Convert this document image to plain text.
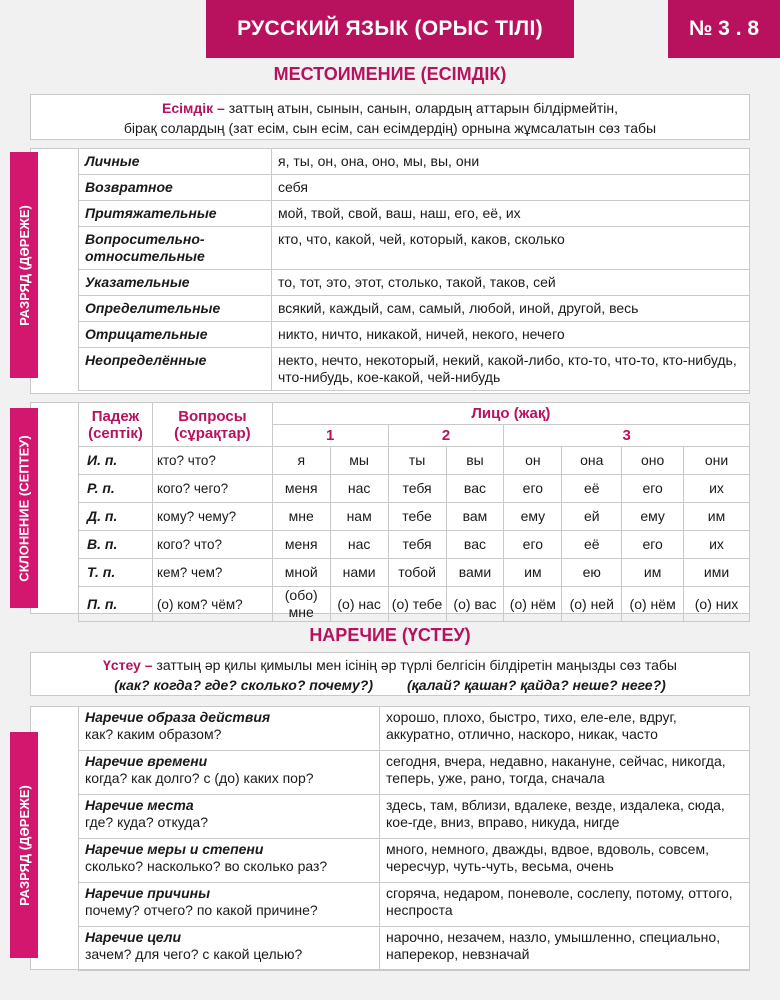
РУССКИЙ ЯЗЫК (ОРЫС ТІЛІ)	№ 3 . 8
МЕСТОИМЕНИЕ (ЕСІМДІК)
Есімдік – заттың атын, сынын, санын, олардың аттарын білдірмейтін,
бірақ солардың (зат есім, сын есім, сан есімдердің) орнына жұмсалатын сөз табы
РАЗРЯД (ДӘРЕЖЕ)
Личные	я, ты, он, она, оно, мы, вы, они
Возвратное	себя
Притяжательные	мой, твой, свой, ваш, наш, его, её, их
Вопросительно-относительные	кто, что, какой, чей, который, каков, сколько
Указательные	то, тот, это, этот, столько, такой, таков, сей
Определительные	всякий, каждый, сам, самый, любой, иной, другой, весь
Отрицательные	никто, ничто, никакой, ничей, некого, нечего
Неопределённые	некто, нечто, некоторый, некий, какой-либо, кто-то, что-то, кто-нибудь, что-нибудь, кое-какой, чей-нибудь
СКЛОНЕНИЕ (СЕПТЕУ)
Падеж (септік)	Вопросы (сұрақтар)	Лицо (жақ)							
		1		2		3			
И. п.	кто? что?	я	мы	ты	вы	он	она	оно	они
Р. п.	кого? чего?	меня	нас	тебя	вас	его	её	его	их
Д. п.	кому? чему?	мне	нам	тебе	вам	ему	ей	ему	им
В. п.	кого? что?	меня	нас	тебя	вас	его	её	его	их
Т. п.	кем? чем?	мной	нами	тобой	вами	им	ею	им	ими
П. п.	(о) ком? чём?	(обо) мне	(о) нас	(о) тебе	(о) вас	(о) нём	(о) ней	(о) нём	(о) них
НАРЕЧИЕ (ҮСТЕУ)
Үстеу – заттың әр қилы қимылы мен ісінің әр түрлі белгісін білдіретін маңызды сөз табы
(как? когда? где? сколько? почему?) (қалай? қашан? қайда? неше? неге?)
РАЗРЯД (ДӘРЕЖЕ)
Наречие образа действия
как? каким образом?	хорошо, плохо, быстро, тихо, еле-еле, вдруг, аккуратно, отлично, наскоро, никак, часто

Наречие времени
когда? как долго? с (до) каких пор?	сегодня, вчера, недавно, накануне, сейчас, никогда, теперь, уже, рано, тогда, сначала

Наречие места
где? куда? откуда?	здесь, там, вблизи, вдалеке, везде, издалека, сюда, кое-где, вниз, вправо, никуда, нигде

Наречие меры и степени
сколько? насколько? во сколько раз?	много, немного, дважды, вдвое, вдоволь, совсем, чересчур, чуть-чуть, весьма, очень

Наречие причины
почему? отчего? по какой причине?	сгоряча, недаром, поневоле, сослепу, потому, оттого, неспроста

Наречие цели
зачем? для чего? с какой целью?	нарочно, незачем, назло, умышленно, специально, наперекор, невзначай
